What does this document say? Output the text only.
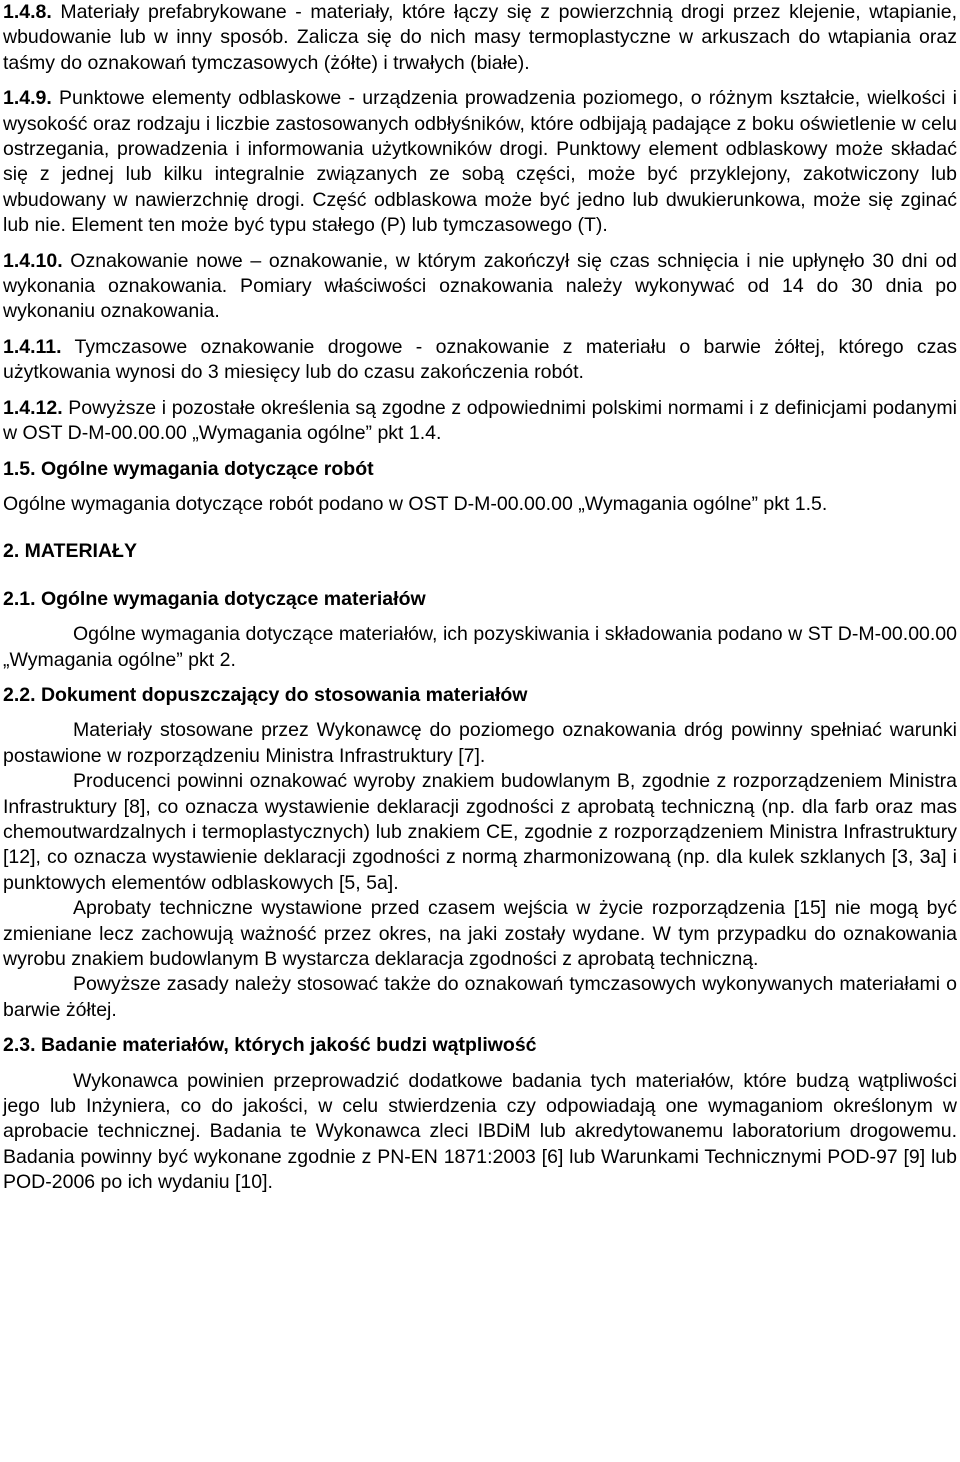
1.4.8. Materiały prefabrykowane - materiały, które łączy się z powierzchnią drogi przez klejenie, wtapianie, wbudowanie lub w inny sposób. Zalicza się do nich masy termoplastyczne w arkuszach do wtapiania oraz taśmy do oznakowań tymczasowych (żółte) i trwałych (białe).

1.4.9. Punktowe elementy odblaskowe - urządzenia prowadzenia poziomego, o różnym kształcie, wielkości i wysokość oraz rodzaju i liczbie zastosowanych odbłyśników, które odbijają padające z boku oświetlenie w celu ostrzegania, prowadzenia i informowania użytkowników drogi. Punktowy element odblaskowy może składać się z jednej lub kilku integralnie związanych ze sobą części, może być przyklejony, zakotwiczony lub wbudowany w nawierzchnię drogi. Część odblaskowa może być jedno lub dwukierunkowa, może się zginać lub nie. Element ten może być typu stałego (P) lub tymczasowego (T).

1.4.10. Oznakowanie nowe – oznakowanie, w którym zakończył się czas schnięcia i nie upłynęło 30 dni od wykonania oznakowania. Pomiary właściwości oznakowania należy wykonywać od 14 do 30 dnia po wykonaniu oznakowania.

1.4.11. Tymczasowe oznakowanie drogowe - oznakowanie z materiału o barwie żółtej, którego czas użytkowania wynosi do 3 miesięcy lub do czasu zakończenia robót.

1.4.12. Powyższe i pozostałe określenia są zgodne z odpowiednimi polskimi normami i z definicjami podanymi w OST D-M-00.00.00 „Wymagania ogólne” pkt 1.4.

1.5. Ogólne wymagania dotyczące robót

Ogólne wymagania dotyczące robót podano w OST D-M-00.00.00 „Wymagania ogólne” pkt 1.5.

2. MATERIAŁY
2.1. Ogólne wymagania dotyczące materiałów

Ogólne wymagania dotyczące materiałów, ich pozyskiwania i składowania podano w ST D-M-00.00.00 „Wymagania ogólne” pkt 2.

2.2. Dokument dopuszczający do stosowania materiałów

Materiały stosowane przez Wykonawcę do poziomego oznakowania dróg powinny spełniać warunki postawione w rozporządzeniu Ministra Infrastruktury [7].

Producenci powinni oznakować wyroby znakiem budowlanym B, zgodnie z rozporządzeniem Ministra Infrastruktury [8], co oznacza wystawienie deklaracji zgodności z aprobatą techniczną (np. dla farb oraz mas chemoutwardzalnych i termoplastycznych) lub znakiem CE, zgodnie z rozporządzeniem Ministra Infrastruktury [12], co oznacza wystawienie deklaracji zgodności z normą zharmonizowaną (np. dla kulek szklanych [3, 3a] i punktowych elementów odblaskowych [5, 5a].

Aprobaty techniczne wystawione przed czasem wejścia w życie rozporządzenia [15] nie mogą być zmieniane lecz zachowują ważność przez okres, na jaki zostały wydane. W tym przypadku do oznakowania wyrobu znakiem budowlanym B wystarcza deklaracja zgodności z aprobatą techniczną.

Powyższe zasady należy stosować także do oznakowań tymczasowych wykonywanych materiałami o barwie żółtej.

2.3. Badanie materiałów, których jakość budzi wątpliwość

Wykonawca powinien przeprowadzić dodatkowe badania tych materiałów, które budzą wątpliwości jego lub Inżyniera, co do jakości, w celu stwierdzenia czy odpowiadają one wymaganiom określonym w aprobacie technicznej. Badania te Wykonawca zleci IBDiM lub akredytowanemu laboratorium drogowemu. Badania powinny być wykonane zgodnie z PN-EN 1871:2003 [6] lub Warunkami Technicznymi POD-97 [9] lub POD-2006 po ich wydaniu [10].
